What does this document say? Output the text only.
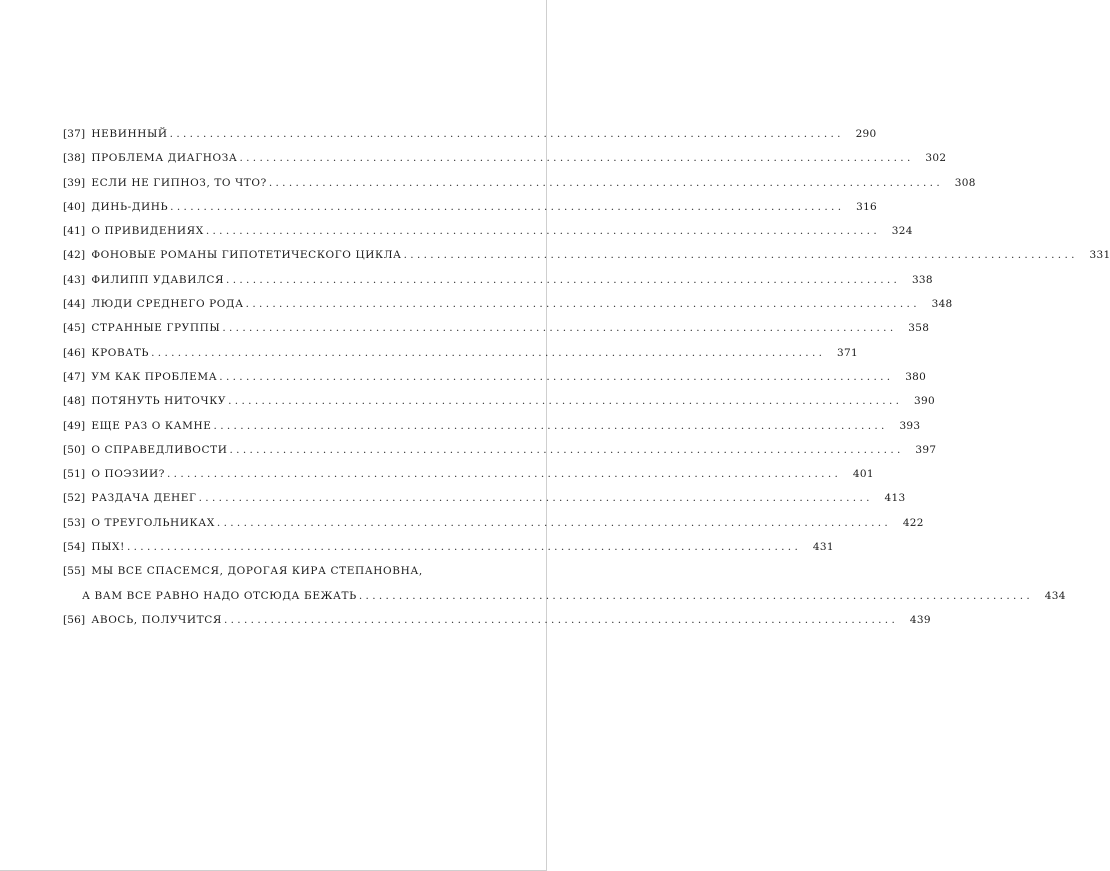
[37] НЕВИННЫЙ . . .	290
[38] ПРОБЛЕМА ДИАГНОЗА . . .	302
[39] ЕСЛИ НЕ ГИПНОЗ, ТО ЧТО? . . .	308
[40] ДИНЬ-ДИНЬ . . .	316
[41] О ПРИВИДЕНИЯХ . . .	324
[42] ФОНОВЫЕ РОМАНЫ ГИПОТЕТИЧЕСКОГО ЦИКЛА . . .	331
[43] ФИЛИПП УДАВИЛСЯ . . .	338
[44] ЛЮДИ СРЕДНЕГО РОДА . . .	348
[45] СТРАННЫЕ ГРУППЫ . . .	358
[46] КРОВАТЬ . . .	371
[47] УМ КАК ПРОБЛЕМА . . .	380
[48] ПОТЯНУТЬ НИТОЧКУ . . .	390
[49] ЕЩЕ РАЗ О КАМНЕ . . .	393
[50] О СПРАВЕДЛИВОСТИ . . .	397
[51] О ПОЭЗИИ? . . .	401
[52] РАЗДАЧА ДЕНЕГ . . .	413
[53] О ТРЕУГОЛЬНИКАХ . . .	422
[54] ПЫХ! . . .	431
[55] МЫ ВСЕ СПАСЕМСЯ, ДОРОГАЯ КИРА СТЕПАНОВНА,
А ВАМ ВСЕ РАВНО НАДО ОТСЮДА БЕЖАТЬ . . .	434
[56] АВОСЬ, ПОЛУЧИТСЯ . . .	439
